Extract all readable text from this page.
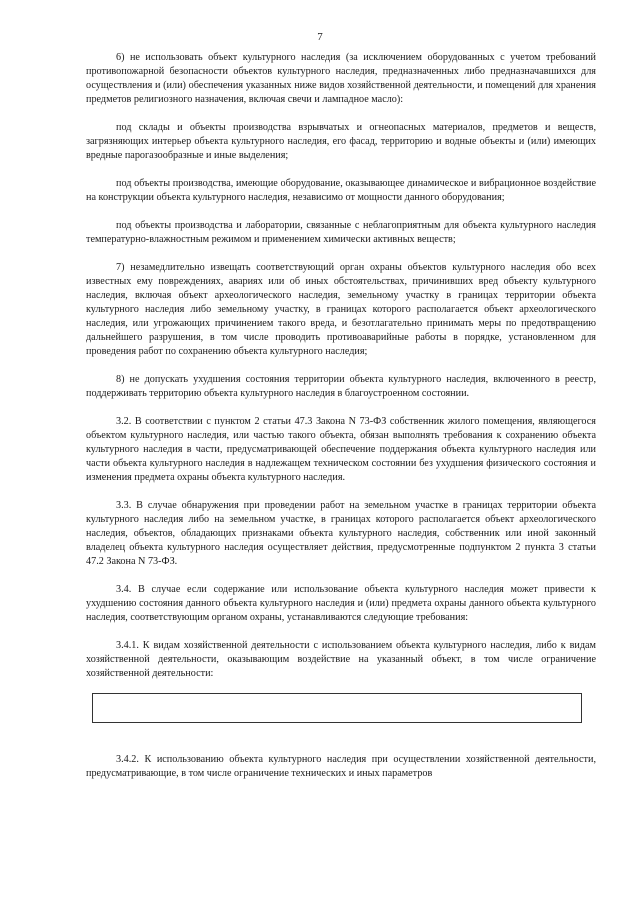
7

6) не использовать объект культурного наследия (за исключением оборудованных с учетом требований противопожарной безопасности объектов культурного наследия, предназначенных либо предназначавшихся для осуществления и (или) обеспечения указанных ниже видов хозяйственной деятельности, и помещений для хранения предметов религиозного назначения, включая свечи и лампадное масло):

под склады и объекты производства взрывчатых и огнеопасных материалов, предметов и веществ, загрязняющих интерьер объекта культурного наследия, его фасад, территорию и водные объекты и (или) имеющих вредные парогазообразные и иные выделения;

под объекты производства, имеющие оборудование, оказывающее динамическое и вибрационное воздействие на конструкции объекта культурного наследия, независимо от мощности данного оборудования;

под объекты производства и лаборатории, связанные с неблагоприятным для объекта культурного наследия температурно-влажностным режимом и применением химически активных веществ;

7) незамедлительно извещать соответствующий орган охраны объектов культурного наследия обо всех известных ему повреждениях, авариях или об иных обстоятельствах, причинивших вред объекту культурного наследия, включая объект археологического наследия, земельному участку в границах территории объекта культурного наследия либо земельному участку, в границах которого располагается объект археологического наследия, или угрожающих причинением такого вреда, и безотлагательно принимать меры по предотвращению дальнейшего разрушения, в том числе проводить противоаварийные работы в порядке, установленном для проведения работ по сохранению объекта культурного наследия;

8) не допускать ухудшения состояния территории объекта культурного наследия, включенного в реестр, поддерживать территорию объекта культурного наследия в благоустроенном состоянии.

3.2. В соответствии с пунктом 2 статьи 47.3 Закона N 73-ФЗ собственник жилого помещения, являющегося объектом культурного наследия, или частью такого объекта, обязан выполнять требования к сохранению объекта культурного наследия в части, предусматривающей обеспечение поддержания объекта культурного наследия или части объекта культурного наследия в надлежащем техническом состоянии без ухудшения физического состояния и изменения предмета охраны объекта культурного наследия.

3.3. В случае обнаружения при проведении работ на земельном участке в границах территории объекта культурного наследия либо на земельном участке, в границах которого располагается объект археологического наследия, объектов, обладающих признаками объекта культурного наследия, собственник или иной законный владелец объекта культурного наследия осуществляет действия, предусмотренные подпунктом 2 пункта 3 статьи 47.2 Закона N 73-ФЗ.

3.4. В случае если содержание или использование объекта культурного наследия может привести к ухудшению состояния данного объекта культурного наследия и (или) предмета охраны данного объекта культурного наследия, соответствующим органом охраны, устанавливаются следующие требования:

3.4.1. К видам хозяйственной деятельности с использованием объекта культурного наследия, либо к видам хозяйственной деятельности, оказывающим воздействие на указанный объект, в том числе ограничение хозяйственной деятельности:

3.4.2. К использованию объекта культурного наследия при осуществлении хозяйственной деятельности, предусматривающие, в том числе ограничение технических и иных параметров
